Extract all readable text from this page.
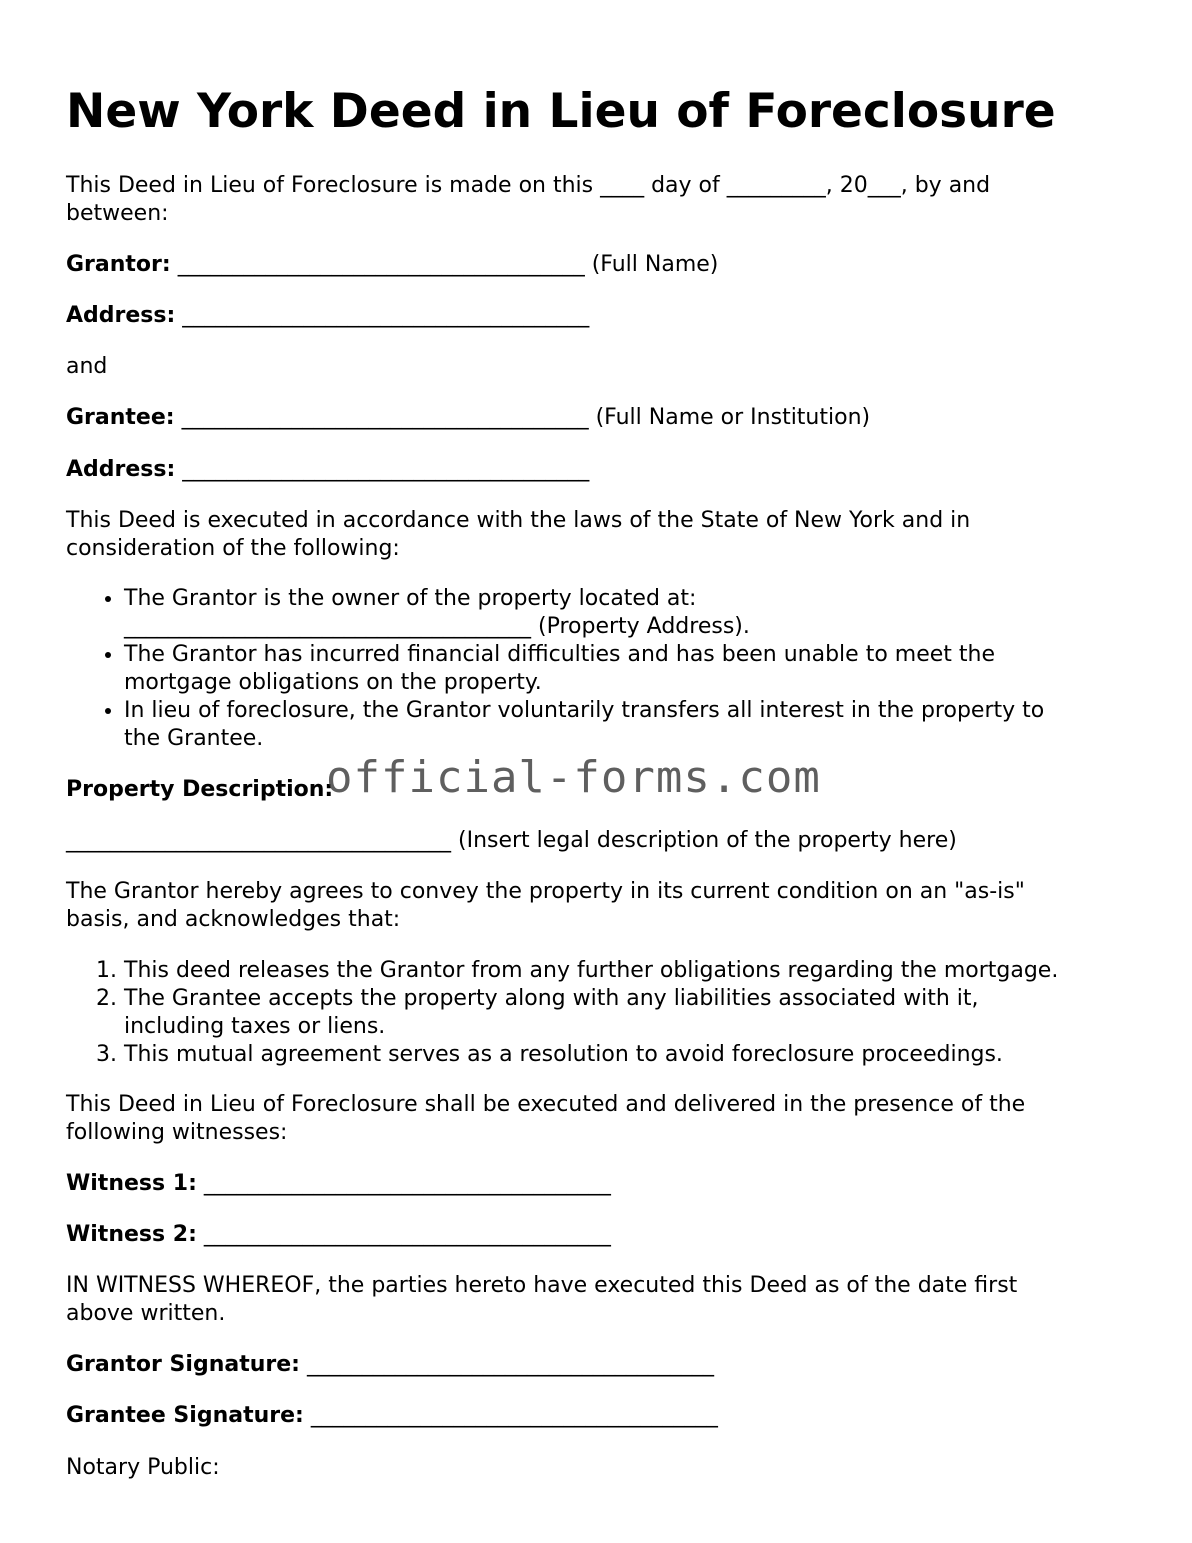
New York Deed in Lieu of Foreclosure

This Deed in Lieu of Foreclosure is made on this ____ day of _________, 20___, by and
between:

Grantor: _____________________________________ (Full Name)

Address: _____________________________________

and

Grantee: _____________________________________ (Full Name or Institution)

Address: _____________________________________

This Deed is executed in accordance with the laws of the State of New York and in
consideration of the following:

• The Grantor is the owner of the property located at:
_____________________________________ (Property Address).
• The Grantor has incurred financial difficulties and has been unable to meet the
mortgage obligations on the property.
• In lieu of foreclosure, the Grantor voluntarily transfers all interest in the property to
the Grantee.

Property Description:

___________________________________ (Insert legal description of the property here)

The Grantor hereby agrees to convey the property in its current condition on an "as-is"
basis, and acknowledges that:

1. This deed releases the Grantor from any further obligations regarding the mortgage.
2. The Grantee accepts the property along with any liabilities associated with it,
including taxes or liens.
3. This mutual agreement serves as a resolution to avoid foreclosure proceedings.

This Deed in Lieu of Foreclosure shall be executed and delivered in the presence of the
following witnesses:

Witness 1: _____________________________________

Witness 2: _____________________________________

IN WITNESS WHEREOF, the parties hereto have executed this Deed as of the date first
above written.

Grantor Signature: _____________________________________

Grantee Signature: _____________________________________

Notary Public:

official-forms.com
